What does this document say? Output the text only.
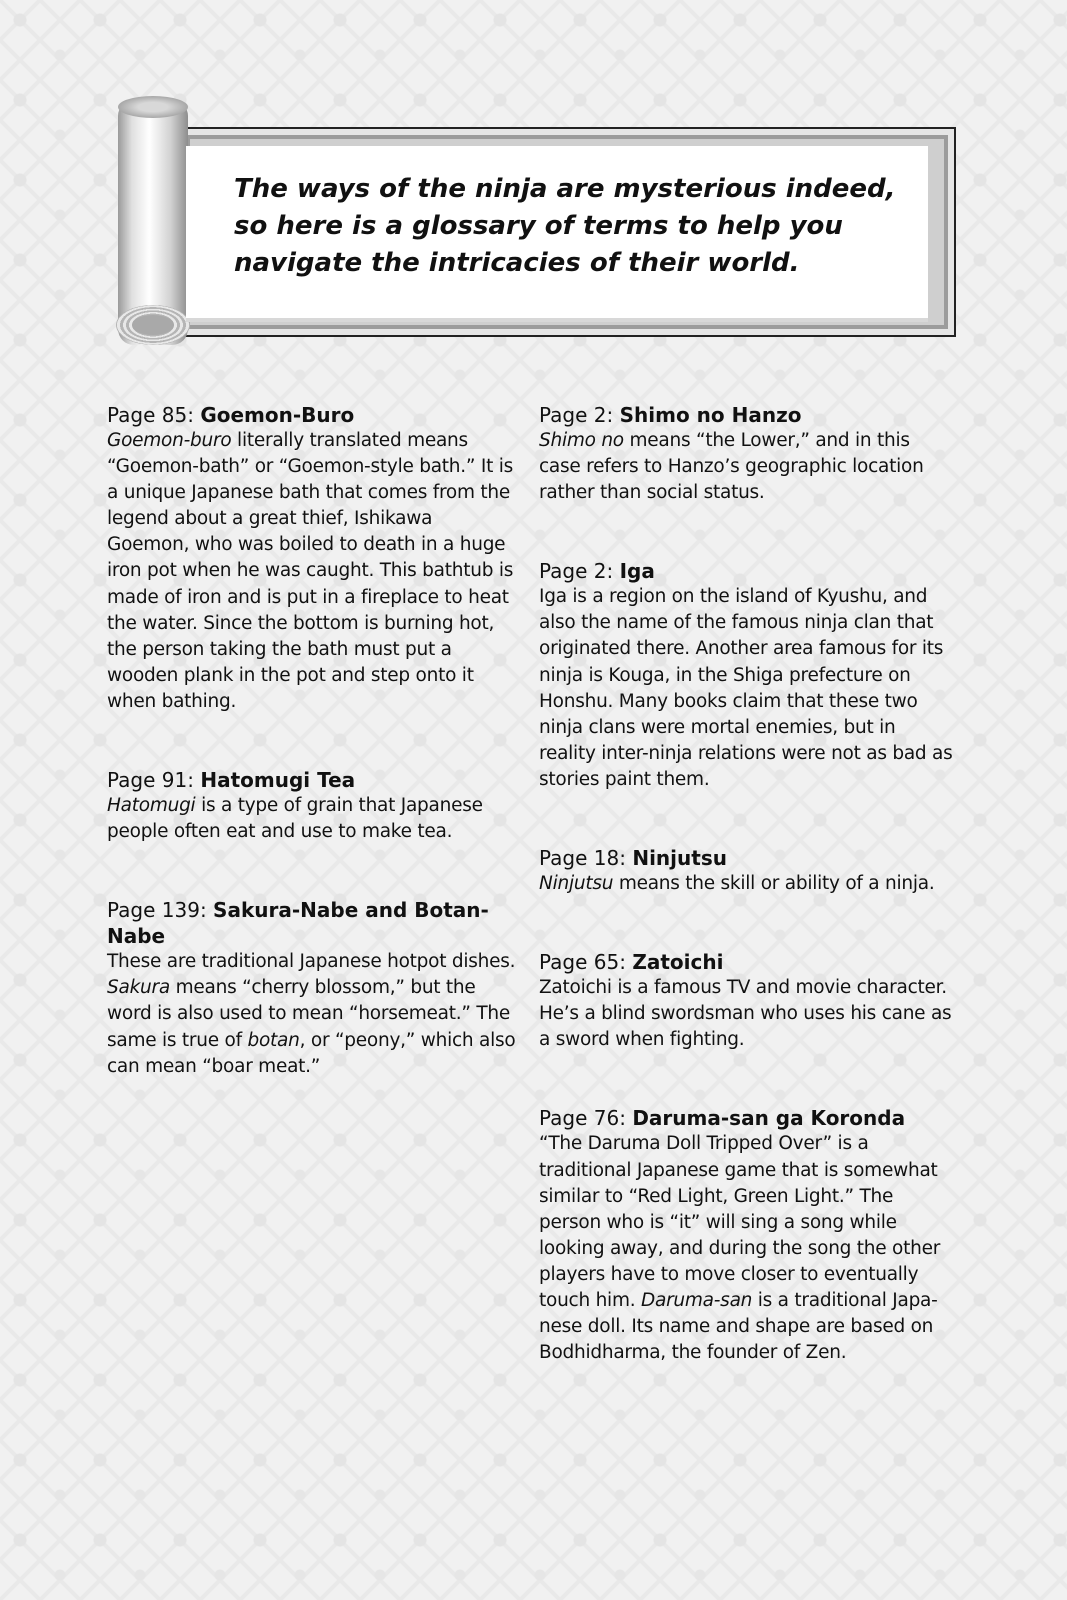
The ways of the ninja are mysterious indeed, so here is a glossary of terms to help you navigate the intricacies of their world.

Page 85: Goemon-Buro

Goemon-buro literally translated means “Goemon-bath” or “Goemon-style bath.” It is a unique Japanese bath that comes from the legend about a great thief, Ishikawa Goemon, who was boiled to death in a huge iron pot when he was caught. This bathtub is made of iron and is put in a fireplace to heat the water. Since the bottom is burning hot, the person taking the bath must put a wooden plank in the pot and step onto it when bathing.

Page 91: Hatomugi Tea

Hatomugi is a type of grain that Japanese people often eat and use to make tea.

Page 139: Sakura-Nabe and Botan-Nabe

These are traditional Japanese hotpot dishes. Sakura means “cherry blossom,” but the word is also used to mean “horsemeat.” The same is true of botan, or “peony,” which also can mean “boar meat.”

Page 2: Shimo no Hanzo

Shimo no means “the Lower,” and in this case refers to Hanzo’s geographic location rather than social status.

Page 2: Iga

Iga is a region on the island of Kyushu, and also the name of the famous ninja clan that originated there. Another area famous for its ninja is Kouga, in the Shiga prefecture on Honshu. Many books claim that these two ninja clans were mortal enemies, but in reality inter-ninja relations were not as bad as stories paint them.

Page 18: Ninjutsu

Ninjutsu means the skill or ability of a ninja.

Page 65: Zatoichi

Zatoichi is a famous TV and movie character. He’s a blind swordsman who uses his cane as a sword when fighting.

Page 76: Daruma-san ga Koronda

“The Daruma Doll Tripped Over” is a traditional Japanese game that is somewhat similar to “Red Light, Green Light.” The person who is “it” will sing a song while looking away, and during the song the other players have to move closer to eventually touch him. Daruma-san is a traditional Japa-nese doll. Its name and shape are based on Bodhidharma, the founder of Zen.
